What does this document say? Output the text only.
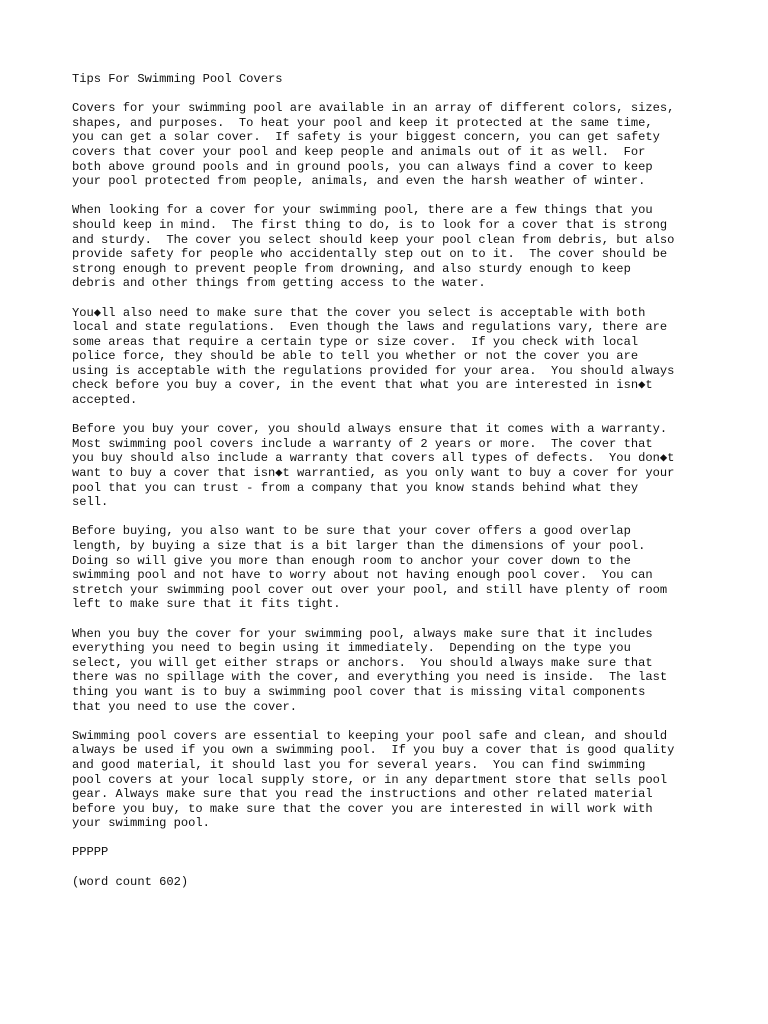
Tips For Swimming Pool Covers

Covers for your swimming pool are available in an array of different colors, sizes,
shapes, and purposes.  To heat your pool and keep it protected at the same time,
you can get a solar cover.  If safety is your biggest concern, you can get safety
covers that cover your pool and keep people and animals out of it as well.  For
both above ground pools and in ground pools, you can always find a cover to keep
your pool protected from people, animals, and even the harsh weather of winter.

When looking for a cover for your swimming pool, there are a few things that you
should keep in mind.  The first thing to do, is to look for a cover that is strong
and sturdy.  The cover you select should keep your pool clean from debris, but also
provide safety for people who accidentally step out on to it.  The cover should be
strong enough to prevent people from drowning, and also sturdy enough to keep
debris and other things from getting access to the water.

You◆ll also need to make sure that the cover you select is acceptable with both
local and state regulations.  Even though the laws and regulations vary, there are
some areas that require a certain type or size cover.  If you check with local
police force, they should be able to tell you whether or not the cover you are
using is acceptable with the regulations provided for your area.  You should always
check before you buy a cover, in the event that what you are interested in isn◆t
accepted.

Before you buy your cover, you should always ensure that it comes with a warranty.
Most swimming pool covers include a warranty of 2 years or more.  The cover that
you buy should also include a warranty that covers all types of defects.  You don◆t
want to buy a cover that isn◆t warrantied, as you only want to buy a cover for your
pool that you can trust - from a company that you know stands behind what they
sell.

Before buying, you also want to be sure that your cover offers a good overlap
length, by buying a size that is a bit larger than the dimensions of your pool.
Doing so will give you more than enough room to anchor your cover down to the
swimming pool and not have to worry about not having enough pool cover.  You can
stretch your swimming pool cover out over your pool, and still have plenty of room
left to make sure that it fits tight.

When you buy the cover for your swimming pool, always make sure that it includes
everything you need to begin using it immediately.  Depending on the type you
select, you will get either straps or anchors.  You should always make sure that
there was no spillage with the cover, and everything you need is inside.  The last
thing you want is to buy a swimming pool cover that is missing vital components
that you need to use the cover.

Swimming pool covers are essential to keeping your pool safe and clean, and should
always be used if you own a swimming pool.  If you buy a cover that is good quality
and good material, it should last you for several years.  You can find swimming
pool covers at your local supply store, or in any department store that sells pool
gear. Always make sure that you read the instructions and other related material
before you buy, to make sure that the cover you are interested in will work with
your swimming pool.

PPPPP

(word count 602)
